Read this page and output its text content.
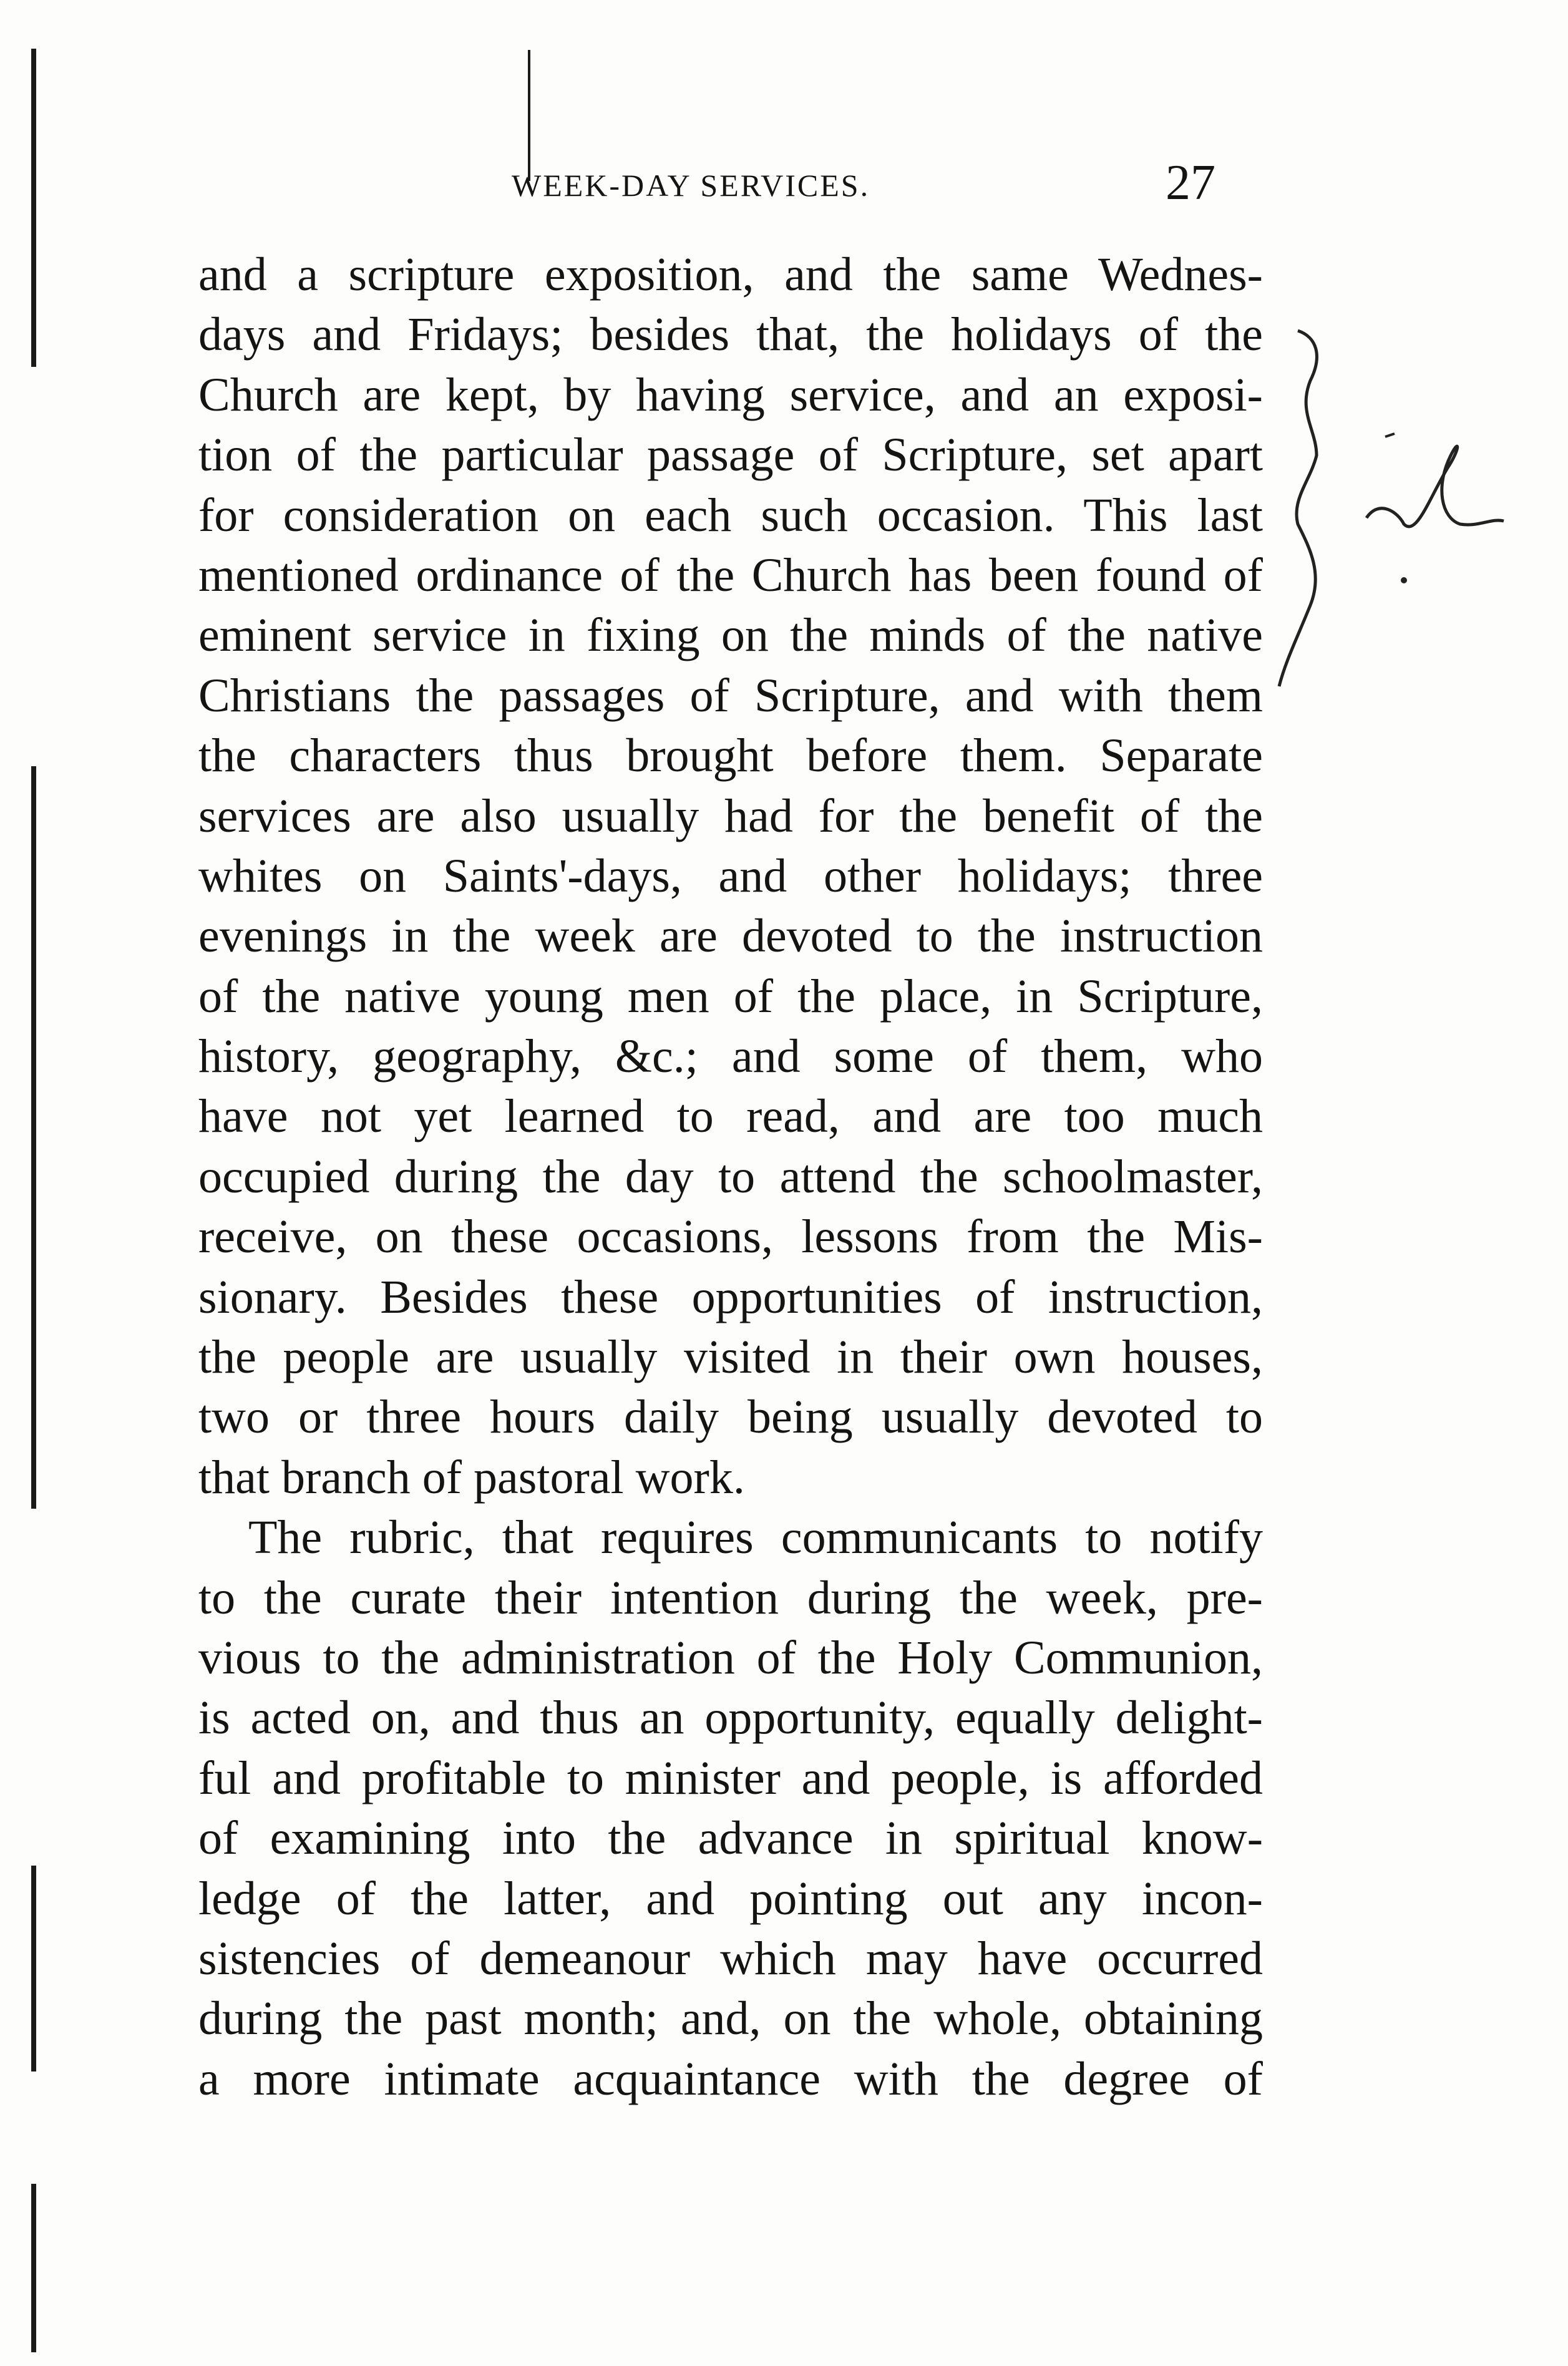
WEEK-DAY SERVICES.	27
and a scripture exposition, and the same Wednes-
days and Fridays; besides that, the holidays of the
Church are kept, by having service, and an exposi-
tion of the particular passage of Scripture, set apart
for consideration on each such occasion. This last
mentioned ordinance of the Church has been found of
eminent service in fixing on the minds of the native
Christians the passages of Scripture, and with them
the characters thus brought before them. Separate
services are also usually had for the benefit of the
whites on Saints'-days, and other holidays; three
evenings in the week are devoted to the instruction
of the native young men of the place, in Scripture,
history, geography, &c.; and some of them, who
have not yet learned to read, and are too much
occupied during the day to attend the schoolmaster,
receive, on these occasions, lessons from the Mis-
sionary. Besides these opportunities of instruction,
the people are usually visited in their own houses,
two or three hours daily being usually devoted to
that branch of pastoral work.
The rubric, that requires communicants to notify
to the curate their intention during the week, pre-
vious to the administration of the Holy Communion,
is acted on, and thus an opportunity, equally delight-
ful and profitable to minister and people, is afforded
of examining into the advance in spiritual know-
ledge of the latter, and pointing out any incon-
sistencies of demeanour which may have occurred
during the past month; and, on the whole, obtaining
a more intimate acquaintance with the degree of
